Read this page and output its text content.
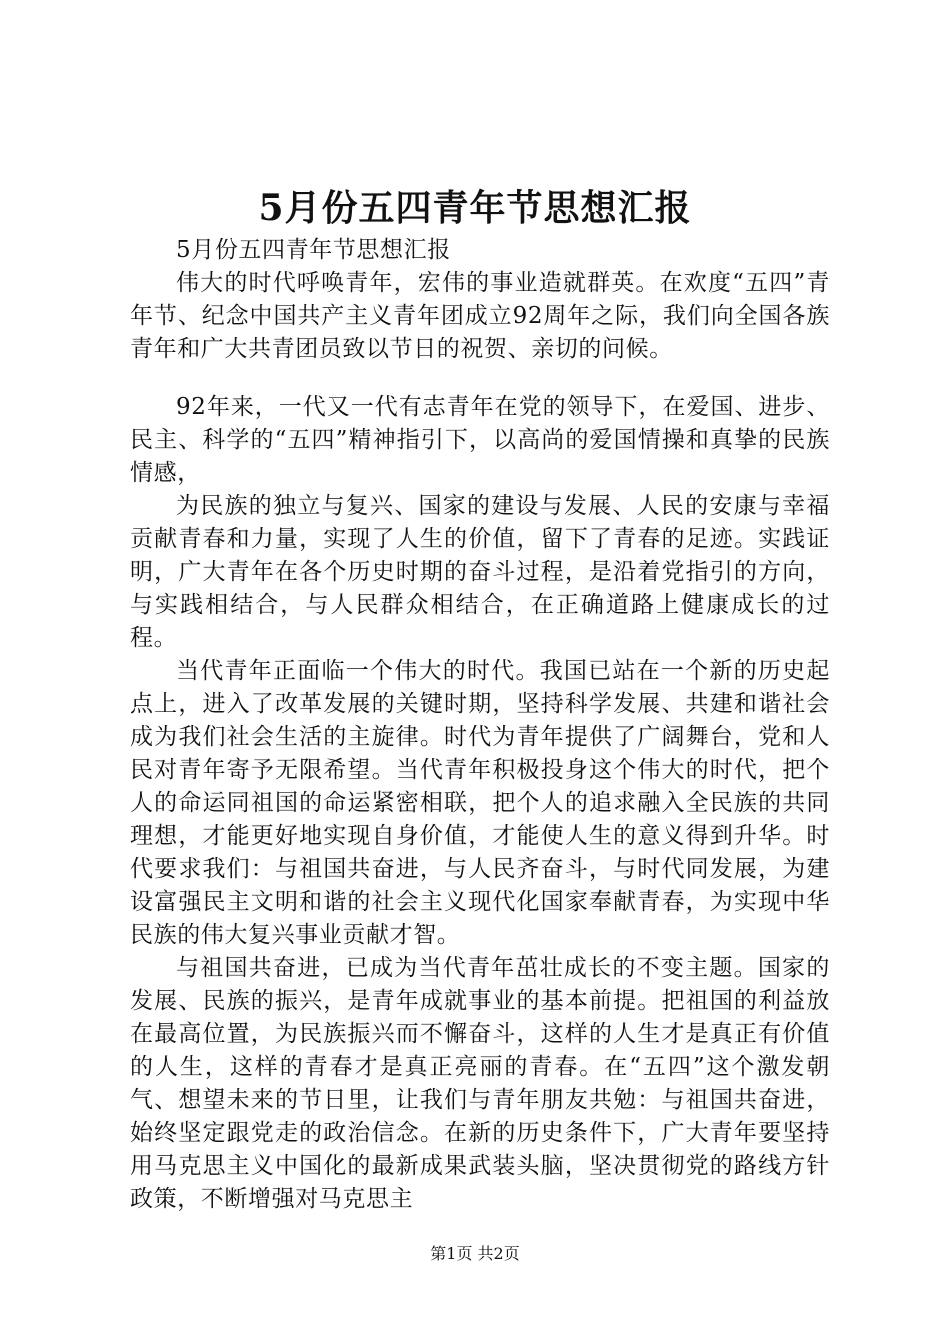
5月份五四青年节思想汇报

5月份五四青年节思想汇报

伟大的时代呼唤青年，宏伟的事业造就群英。在欢度“五四”青年节、纪念中国共产主义青年团成立92周年之际，我们向全国各族青年和广大共青团员致以节日的祝贺、亲切的问候。

92年来，一代又一代有志青年在党的领导下，在爱国、进步、民主、科学的“五四”精神指引下，以高尚的爱国情操和真挚的民族情感，

为民族的独立与复兴、国家的建设与发展、人民的安康与幸福贡献青春和力量，实现了人生的价值，留下了青春的足迹。实践证明，广大青年在各个历史时期的奋斗过程，是沿着党指引的方向，与实践相结合，与人民群众相结合，在正确道路上健康成长的过程。

当代青年正面临一个伟大的时代。我国已站在一个新的历史起点上，进入了改革发展的关键时期，坚持科学发展、共建和谐社会成为我们社会生活的主旋律。时代为青年提供了广阔舞台，党和人民对青年寄予无限希望。当代青年积极投身这个伟大的时代，把个人的命运同祖国的命运紧密相联，把个人的追求融入全民族的共同理想，才能更好地实现自身价值，才能使人生的意义得到升华。时代要求我们：与祖国共奋进，与人民齐奋斗，与时代同发展，为建设富强民主文明和谐的社会主义现代化国家奉献青春，为实现中华民族的伟大复兴事业贡献才智。

与祖国共奋进，已成为当代青年茁壮成长的不变主题。国家的发展、民族的振兴，是青年成就事业的基本前提。把祖国的利益放在最高位置，为民族振兴而不懈奋斗，这样的人生才是真正有价值的人生，这样的青春才是真正亮丽的青春。在“五四”这个激发朝气、想望未来的节日里，让我们与青年朋友共勉：与祖国共奋进，始终坚定跟党走的政治信念。在新的历史条件下，广大青年要坚持用马克思主义中国化的最新成果武装头脑，坚决贯彻党的路线方针政策，不断增强对马克思主

第1页 共2页
